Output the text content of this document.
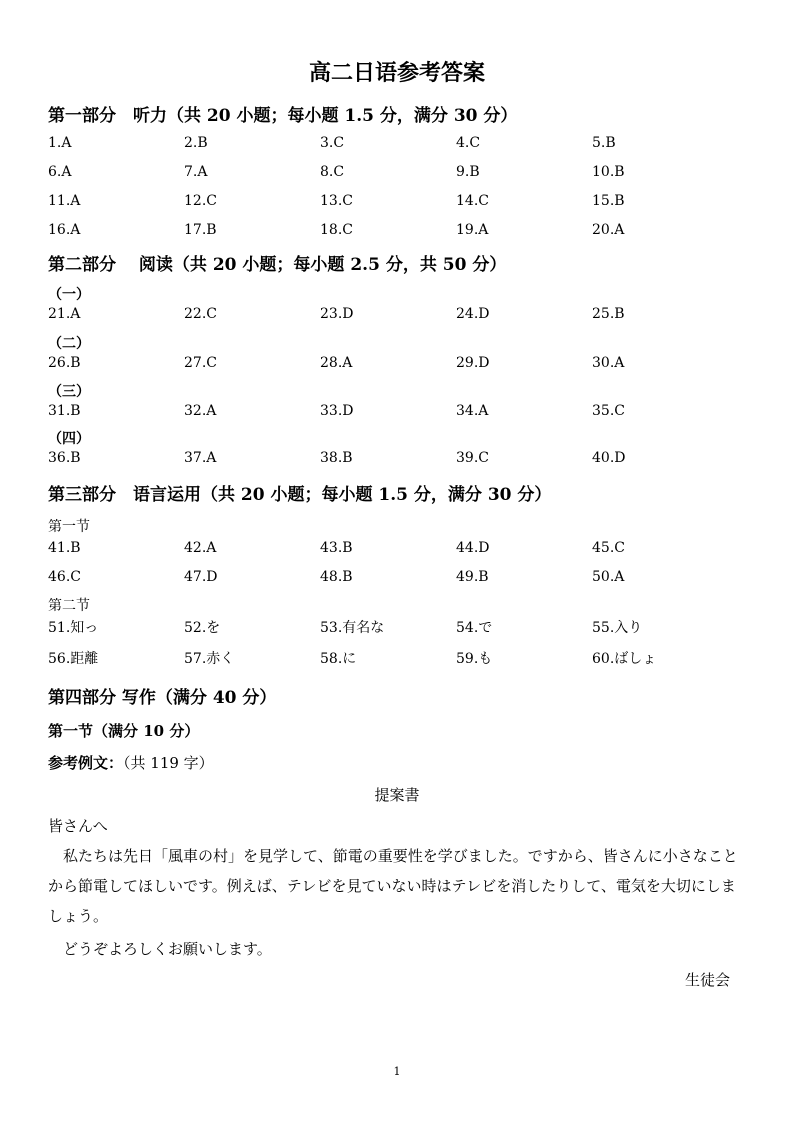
高二日语参考答案
第一部分　听力（共 20 小题；每小题 1.5 分，满分 30 分）
1.A	2.B	3.C	4.C	5.B
6.A	7.A	8.C	9.B	10.B
11.A	12.C	13.C	14.C	15.B
16.A	17.B	18.C	19.A	20.A
第二部分　 阅读（共 20 小题；每小题 2.5 分，共 50 分）
（一）
21.A	22.C	23.D	24.D	25.B
（二）
26.B	27.C	28.A	29.D	30.A
（三）
31.B	32.A	33.D	34.A	35.C
（四）
36.B	37.A	38.B	39.C	40.D
第三部分　语言运用（共 20 小题；每小题 1.5 分，满分 30 分）
第一节
41.B	42.A	43.B	44.D	45.C
46.C	47.D	48.B	49.B	50.A
第二节
51.知っ	52.を	53.有名な	54.で	55.入り
56.距離	57.赤く	58.に	59.も	60.ばしょ
第四部分 写作（满分 40 分）
第一节（满分 10 分）
参考例文：（共 119 字）
提案書
皆さんへ
　私たちは先日「風車の村」を見学して、節電の重要性を学びました。ですから、皆さんに小さなことから節電してほしいです。例えば、テレビを見ていない時はテレビを消したりして、電気を大切にしましょう。
　どうぞよろしくお願いします。
生徒会
1
